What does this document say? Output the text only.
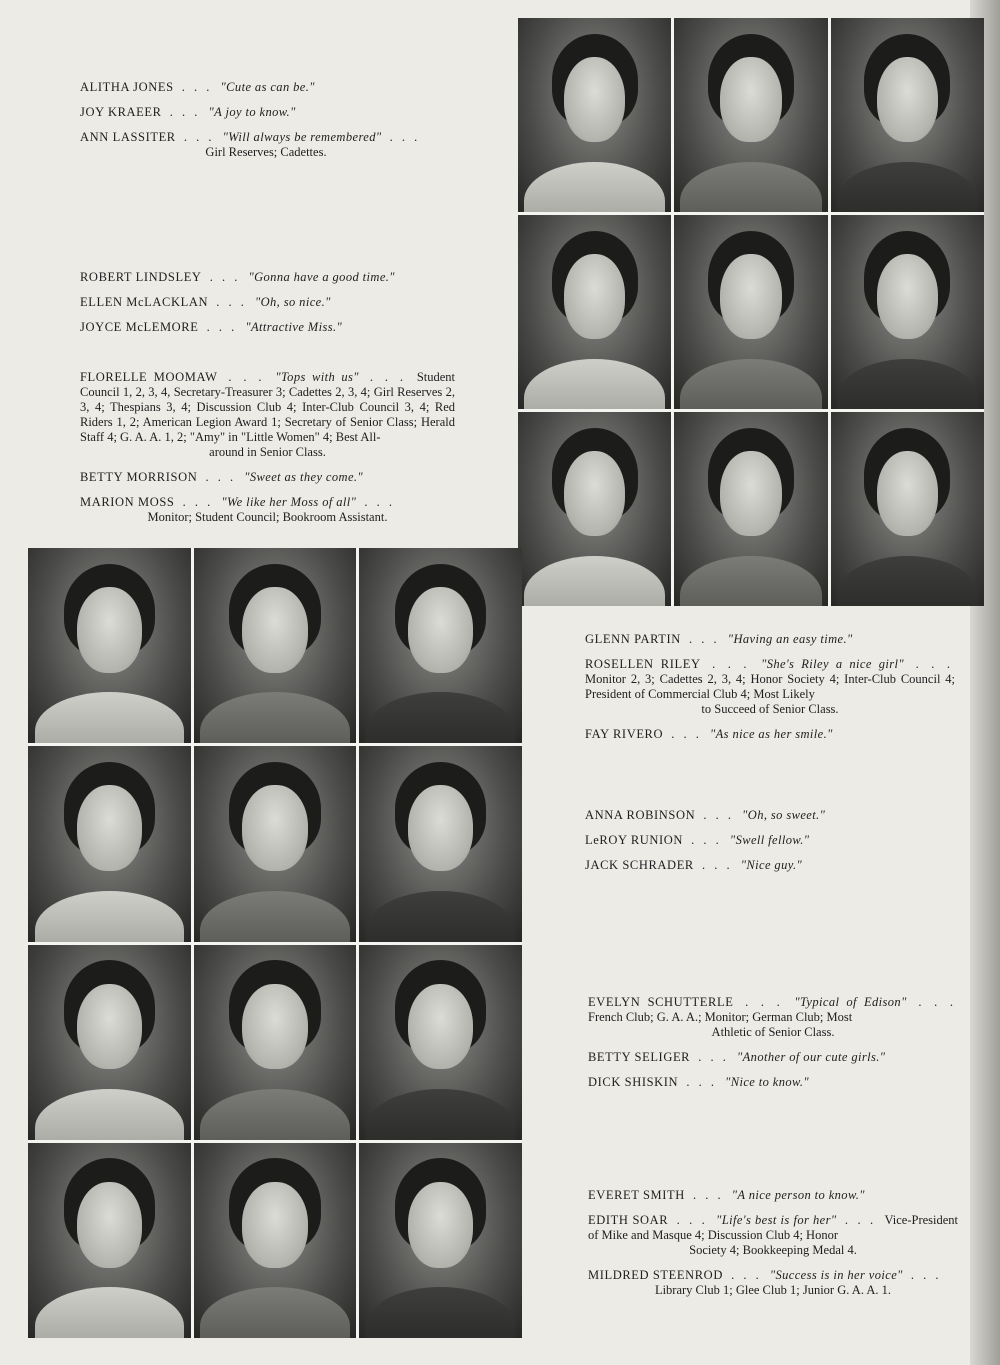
ALITHA JONES . . . "Cute as can be."
JOY KRAEER . . . "A joy to know."
ANN LASSITER . . . "Will always be remembered" . . .
Girl Reserves; Cadettes.
ROBERT LINDSLEY . . . "Gonna have a good time."
ELLEN McLACKLAN . . . "Oh, so nice."
JOYCE McLEMORE . . . "Attractive Miss."
FLORELLE MOOMAW . . . "Tops with us" . . . Student Council 1, 2, 3, 4, Secretary-Treasurer 3; Cadettes 2, 3, 4; Girl Reserves 2, 3, 4; Thespians 3, 4; Discussion Club 4; Inter-Club Council 3, 4; Red Riders 1, 2; American Legion Award 1; Secretary of Senior Class; Herald Staff 4; G. A. A. 1, 2; "Amy" in "Little Women" 4; Best All-
around in Senior Class.
BETTY MORRISON . . . "Sweet as they come."
MARION MOSS . . . "We like her Moss of all" . . .
Monitor; Student Council; Bookroom Assistant.
GLENN PARTIN . . . "Having an easy time."
ROSELLEN RILEY . . . "She's Riley a nice girl" . . . Monitor 2, 3; Cadettes 2, 3, 4; Honor Society 4; Inter-Club Council 4; President of Commercial Club 4; Most Likely
to Succeed of Senior Class.
FAY RIVERO . . . "As nice as her smile."
ANNA ROBINSON . . . "Oh, so sweet."
LeROY RUNION . . . "Swell fellow."
JACK SCHRADER . . . "Nice guy."
EVELYN SCHUTTERLE . . . "Typical of Edison" . . . French Club; G. A. A.; Monitor; German Club; Most
Athletic of Senior Class.
BETTY SELIGER . . . "Another of our cute girls."
DICK SHISKIN . . . "Nice to know."
EVERET SMITH . . . "A nice person to know."
EDITH SOAR . . . "Life's best is for her" . . . Vice-President of Mike and Masque 4; Discussion Club 4; Honor
Society 4; Bookkeeping Medal 4.
MILDRED STEENROD . . . "Success is in her voice" . . .
Library Club 1; Glee Club 1; Junior G. A. A. 1.
